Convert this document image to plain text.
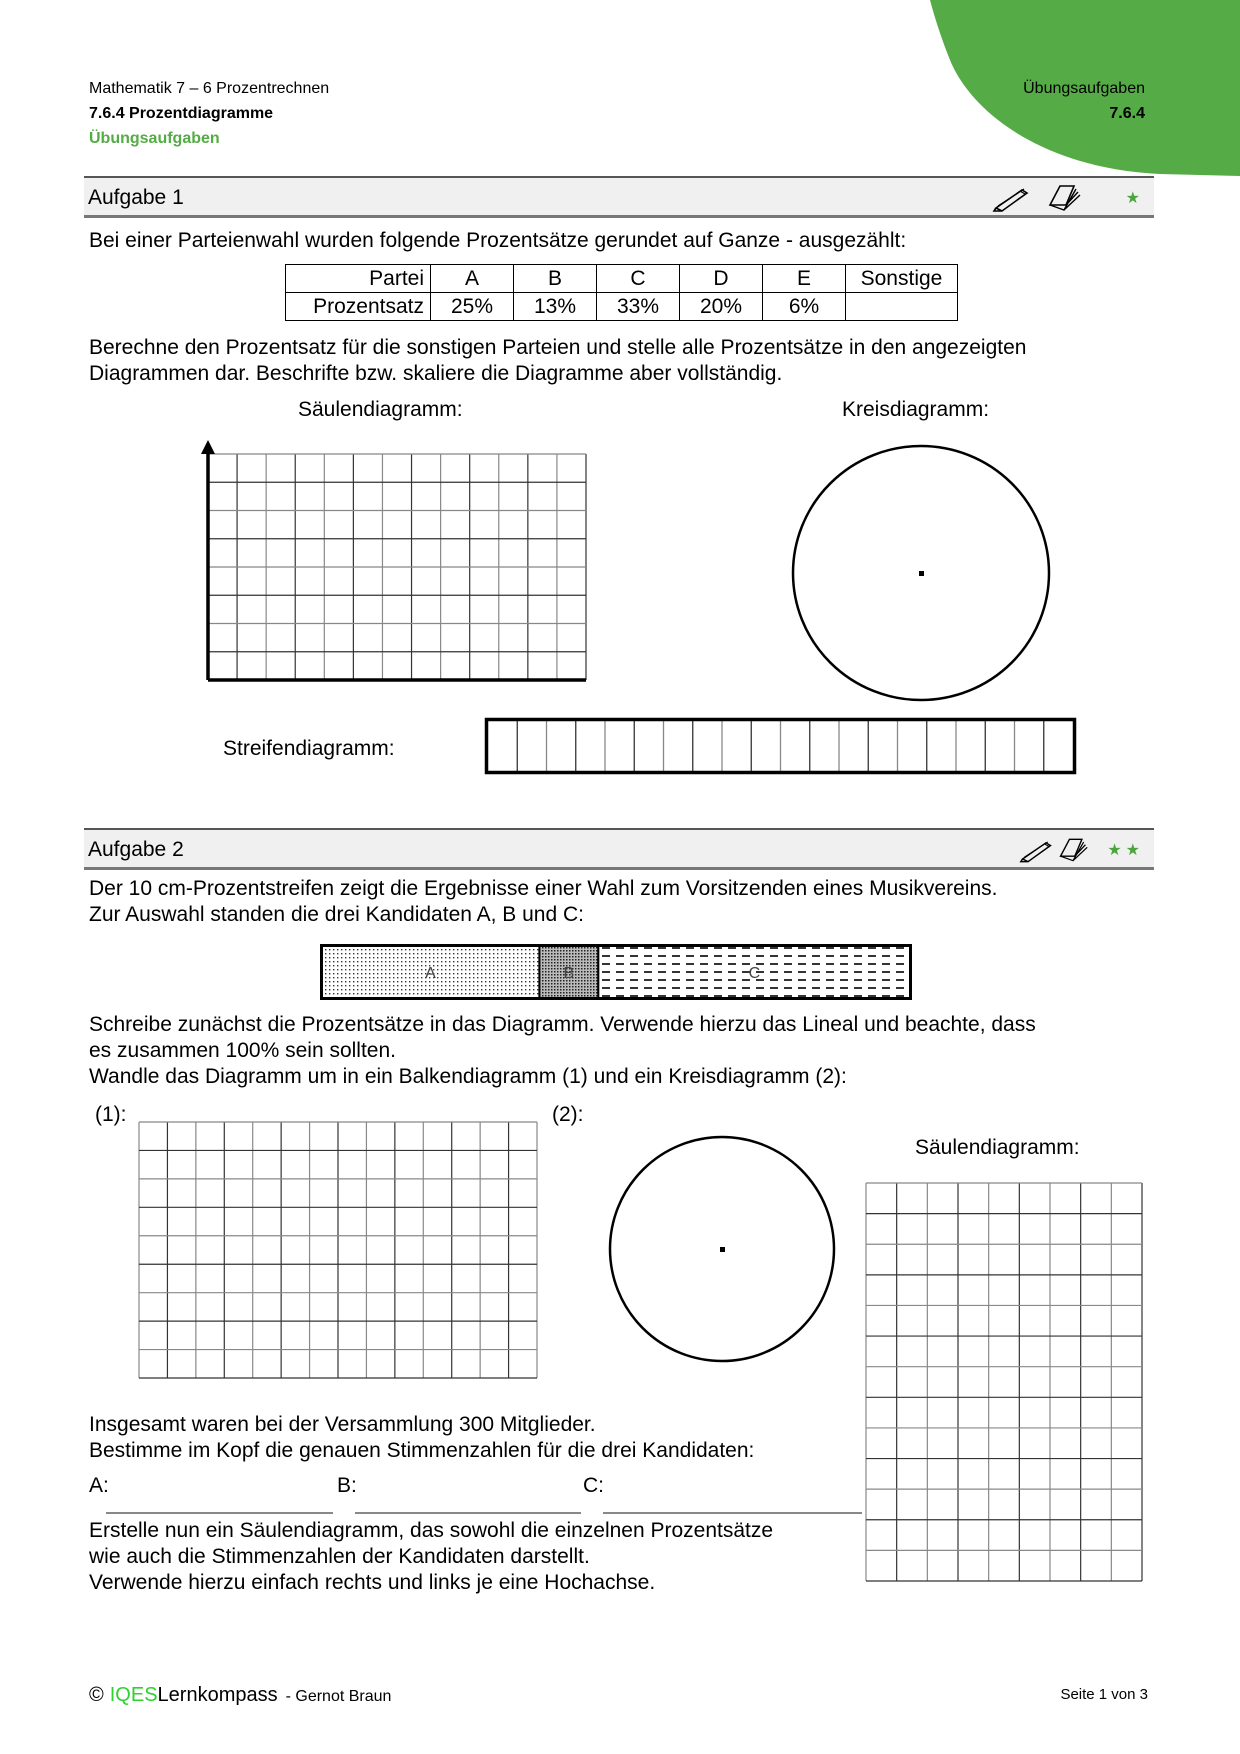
Mathematik 7 – 6 Prozentrechnen
7.6.4 Prozentdiagramme
Übungsaufgaben
Übungsaufgaben
7.6.4
Aufgabe 1	★
Bei einer Parteienwahl wurden folgende Prozentsätze gerundet auf Ganze - ausgezählt:
Partei	A	B	C	D	E	Sonstige
Prozentsatz	25%	13%	33%	20%	6%	
Berechne den Prozentsatz für die sonstigen Parteien und stelle alle Prozentsätze in den angezeigten
Diagrammen dar. Beschrifte bzw. skaliere die Diagramme aber vollständig.
Säulendiagramm:	Kreisdiagramm:
Streifendiagramm:
Aufgabe 2	★★
Der 10 cm-Prozentstreifen zeigt die Ergebnisse einer Wahl zum Vorsitzenden eines Musikvereins.
Zur Auswahl standen die drei Kandidaten A, B und C:
A	B	C
Schreibe zunächst die Prozentsätze in das Diagramm. Verwende hierzu das Lineal und beachte, dass
es zusammen 100% sein sollten.
Wandle das Diagramm um in ein Balkendiagramm (1) und ein Kreisdiagramm (2):
(1):	(2):
Säulendiagramm:
Insgesamt waren bei der Versammlung 300 Mitglieder.
Bestimme im Kopf die genauen Stimmenzahlen für die drei Kandidaten:
A:	B:	C:
Erstelle nun ein Säulendiagramm, das sowohl die einzelnen Prozentsätze
wie auch die Stimmenzahlen der Kandidaten darstellt.
Verwende hierzu einfach rechts und links je eine Hochachse.
© IQES Lernkompass - Gernot Braun	Seite 1 von 3
